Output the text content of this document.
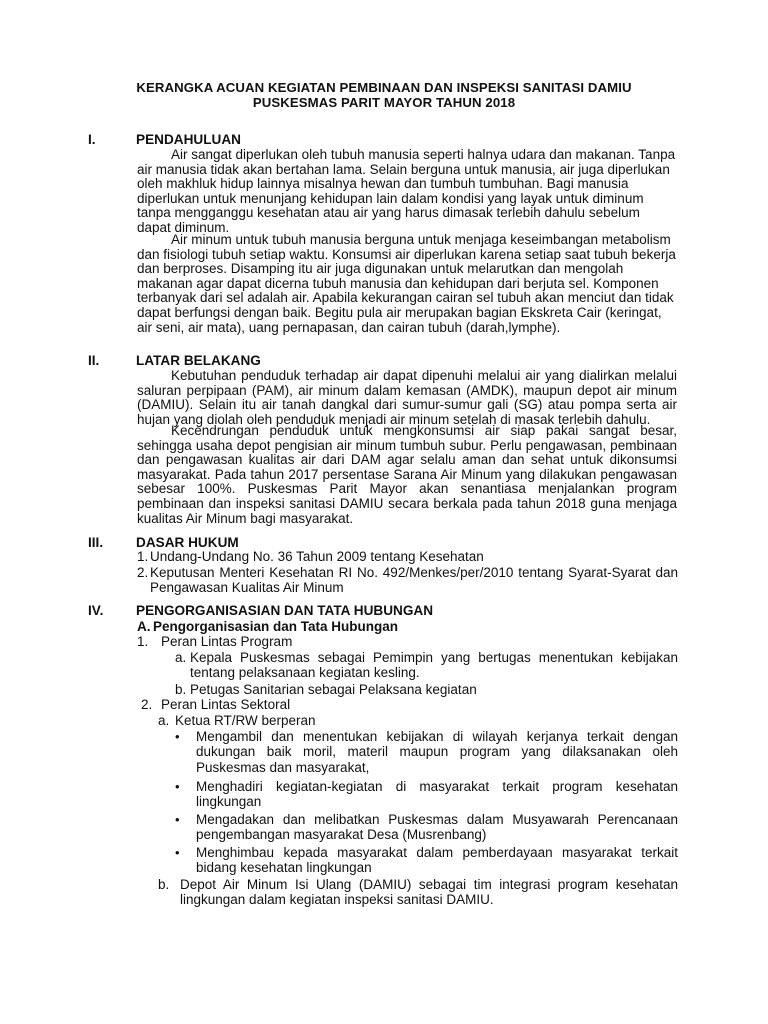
KERANGKA ACUAN KEGIATAN PEMBINAAN DAN INSPEKSI SANITASI DAMIU
PUSKESMAS PARIT MAYOR TAHUN 2018
I.	PENDAHULUAN

Air sangat diperlukan oleh tubuh manusia seperti halnya udara dan makanan. Tanpa air manusia tidak akan bertahan lama. Selain berguna untuk manusia, air juga diperlukan oleh makhluk hidup lainnya misalnya hewan dan tumbuh tumbuhan. Bagi manusia diperlukan untuk menunjang kehidupan lain dalam kondisi yang layak untuk diminum tanpa mengganggu kesehatan atau air yang harus dimasak terlebih dahulu sebelum dapat diminum.

Air minum untuk tubuh manusia berguna untuk menjaga keseimbangan metabolism dan fisiologi tubuh setiap waktu. Konsumsi air diperlukan karena setiap saat tubuh bekerja dan berproses. Disamping itu air juga digunakan untuk melarutkan dan mengolah makanan agar dapat dicerna tubuh manusia dan kehidupan dari berjuta sel. Komponen terbanyak dari sel adalah air. Apabila kekurangan cairan sel tubuh akan menciut dan tidak dapat berfungsi dengan baik. Begitu pula air merupakan bagian Ekskreta Cair (keringat, air seni, air mata), uang pernapasan, dan cairan tubuh (darah,lymphe).

II.	LATAR BELAKANG

Kebutuhan penduduk terhadap air dapat dipenuhi melalui air yang dialirkan melalui saluran perpipaan (PAM), air minum dalam kemasan (AMDK), maupun depot air minum (DAMIU). Selain itu air tanah dangkal dari sumur-sumur gali (SG) atau pompa serta air hujan yang diolah oleh penduduk menjadi air minum setelah di masak terlebih dahulu.

Kecendrungan penduduk untuk mengkonsumsi air siap pakai sangat besar, sehingga usaha depot pengisian air minum tumbuh subur. Perlu pengawasan, pembinaan dan pengawasan kualitas air dari DAM agar selalu aman dan sehat untuk dikonsumsi masyarakat. Pada tahun 2017 persentase Sarana Air Minum yang dilakukan pengawasan sebesar 100%. Puskesmas Parit Mayor akan senantiasa menjalankan program pembinaan dan inspeksi sanitasi DAMIU secara berkala pada tahun 2018 guna menjaga kualitas Air Minum bagi masyarakat.

III. DASAR HUKUM
1. Undang-Undang No. 36 Tahun 2009 tentang Kesehatan
2. Keputusan Menteri Kesehatan RI No. 492/Menkes/per/2010 tentang Syarat-Syarat dan Pengawasan Kualitas Air Minum
IV. PENGORGANISASIAN DAN TATA HUBUNGAN
A. Pengorganisasian dan Tata Hubungan
1. Peran Lintas Program
a. Kepala Puskesmas sebagai Pemimpin yang bertugas menentukan kebijakan tentang pelaksanaan kegiatan kesling.
b. Petugas Sanitarian sebagai Pelaksana kegiatan
2. Peran Lintas Sektoral
a. Ketua RT/RW berperan
• Mengambil dan menentukan kebijakan di wilayah kerjanya terkait dengan dukungan baik moril, materil maupun program yang dilaksanakan oleh Puskesmas dan masyarakat,
• Menghadiri kegiatan-kegiatan di masyarakat terkait program kesehatan lingkungan
• Mengadakan dan melibatkan Puskesmas dalam Musyawarah Perencanaan pengembangan masyarakat Desa (Musrenbang)
• Menghimbau kepada masyarakat dalam pemberdayaan masyarakat terkait bidang kesehatan lingkungan
b. Depot Air Minum Isi Ulang (DAMIU) sebagai tim integrasi program kesehatan lingkungan dalam kegiatan inspeksi sanitasi DAMIU.
